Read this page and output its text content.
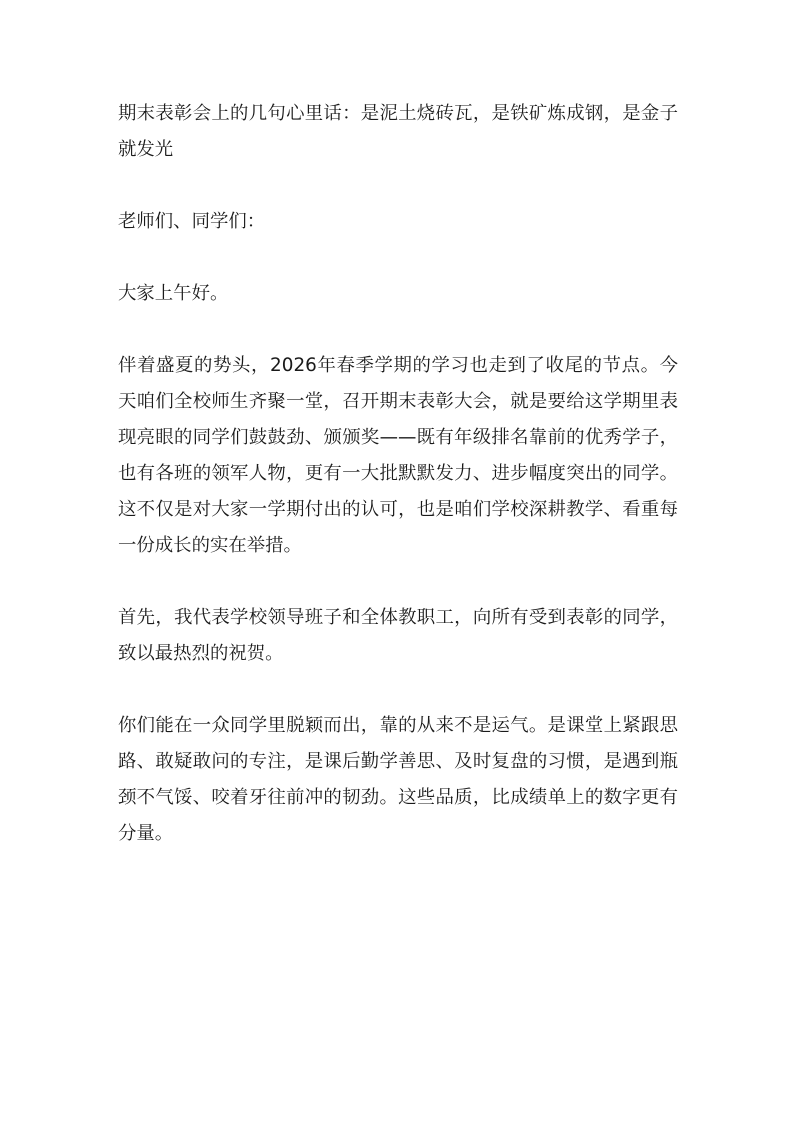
期末表彰会上的几句心里话：是泥土烧砖瓦，是铁矿炼成钢，是金子就发光

老师们、同学们：

大家上午好。

伴着盛夏的势头，2026年春季学期的学习也走到了收尾的节点。今天咱们全校师生齐聚一堂，召开期末表彰大会，就是要给这学期里表现亮眼的同学们鼓鼓劲、颁颁奖——既有年级排名靠前的优秀学子，也有各班的领军人物，更有一大批默默发力、进步幅度突出的同学。这不仅是对大家一学期付出的认可，也是咱们学校深耕教学、看重每一份成长的实在举措。

首先，我代表学校领导班子和全体教职工，向所有受到表彰的同学，致以最热烈的祝贺。

你们能在一众同学里脱颖而出，靠的从来不是运气。是课堂上紧跟思路、敢疑敢问的专注，是课后勤学善思、及时复盘的习惯，是遇到瓶颈不气馁、咬着牙往前冲的韧劲。这些品质，比成绩单上的数字更有分量。
